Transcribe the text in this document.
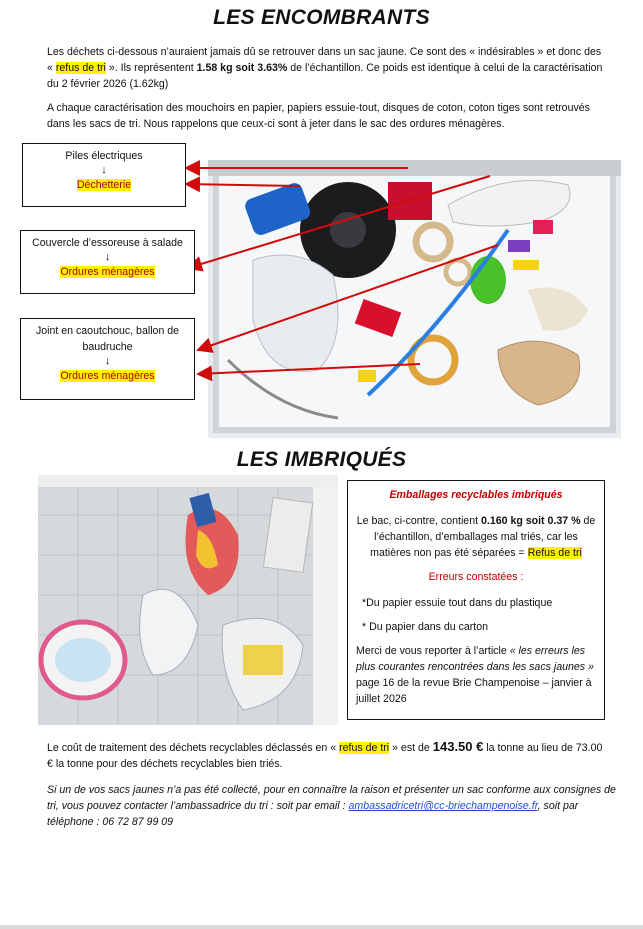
LES ENCOMBRANTS
Les déchets ci-dessous n’auraient jamais dû se retrouver dans un sac jaune. Ce sont des « indésirables » et donc des « refus de tri ». Ils représentent 1.58 kg soit 3.63% de l’échantillon. Ce poids est identique à celui de la caractérisation du 2 février 2026 (1.62kg)
A chaque caractérisation des mouchoirs en papier, papiers essuie-tout, disques de coton, coton tiges sont retrouvés dans les sacs de tri. Nous rappelons que ceux-ci sont à jeter dans le sac des ordures ménagères.
Piles électriques
↓
Déchetterie
Couvercle d’essoreuse à salade
↓
Ordures ménagères
Joint en caoutchouc, ballon de baudruche
↓
Ordures ménagères
LES IMBRIQUÉS
Emballages recyclables imbriqués
Le bac, ci-contre, contient 0.160 kg soit 0.37 % de l’échantillon, d’emballages mal triés, car les matières non pas été séparées = Refus de tri
Erreurs constatées :
*Du papier essuie tout dans du plastique
* Du papier dans du carton
Merci de vous reporter à l’article « les erreurs les plus courantes rencontrées dans les sacs jaunes » page 16 de la revue Brie Champenoise – janvier à juillet 2026
Le coût de traitement des déchets recyclables déclassés en « refus de tri » est de 143.50 € la tonne au lieu de 73.00 € la tonne pour des déchets recyclables bien triés.
Si un de vos sacs jaunes n’a pas été collecté, pour en connaître la raison et présenter un sac conforme aux consignes de tri, vous pouvez contacter l’ambassadrice du tri : soit par email : ambassadricetri@cc-briechampenoise.fr, soit par téléphone : 06 72 87 99 09
